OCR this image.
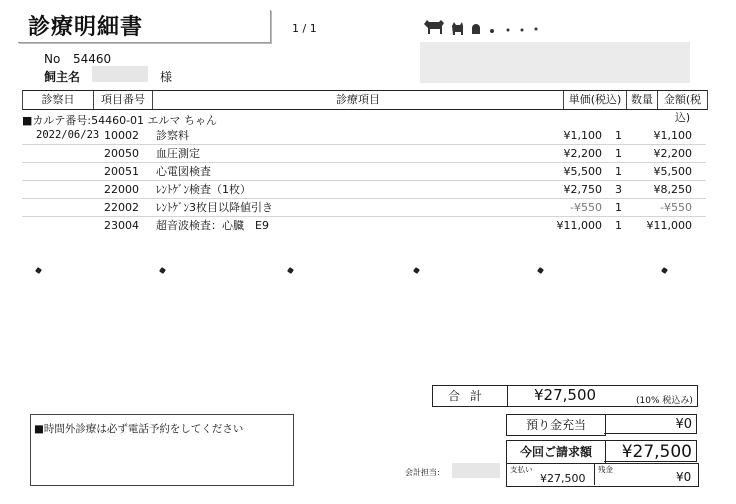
診療明細書	1 / 1
No 54460
飼主名	様
診察日	項目番号	診療項目	単価(税込) 数量 金額(税込)
■カルテ番号:54460-01 エルマ ちゃん
2022/06/23 10002 診察料	¥1,100 1	¥1,100
20050 血圧測定	¥2,200 1	¥2,200
20051 心電図検査	¥5,500 1	¥5,500
22000 ﾚﾝﾄｹﾞﾝ検査（1枚）	¥2,750 3	¥8,250
22002 ﾚﾝﾄｹﾞﾝ3枚目以降値引き	-¥550 1	-¥550
23004 超音波検査：心臓　E9	¥11,000 1 ¥11,000
合計	¥27,500	(10% 税込み)
■時間外診療は必ず電話予約をしてください	預り金充当	¥0
今回ご請求額	¥27,500
支払い
¥27,500
残金
¥0
会計担当:
